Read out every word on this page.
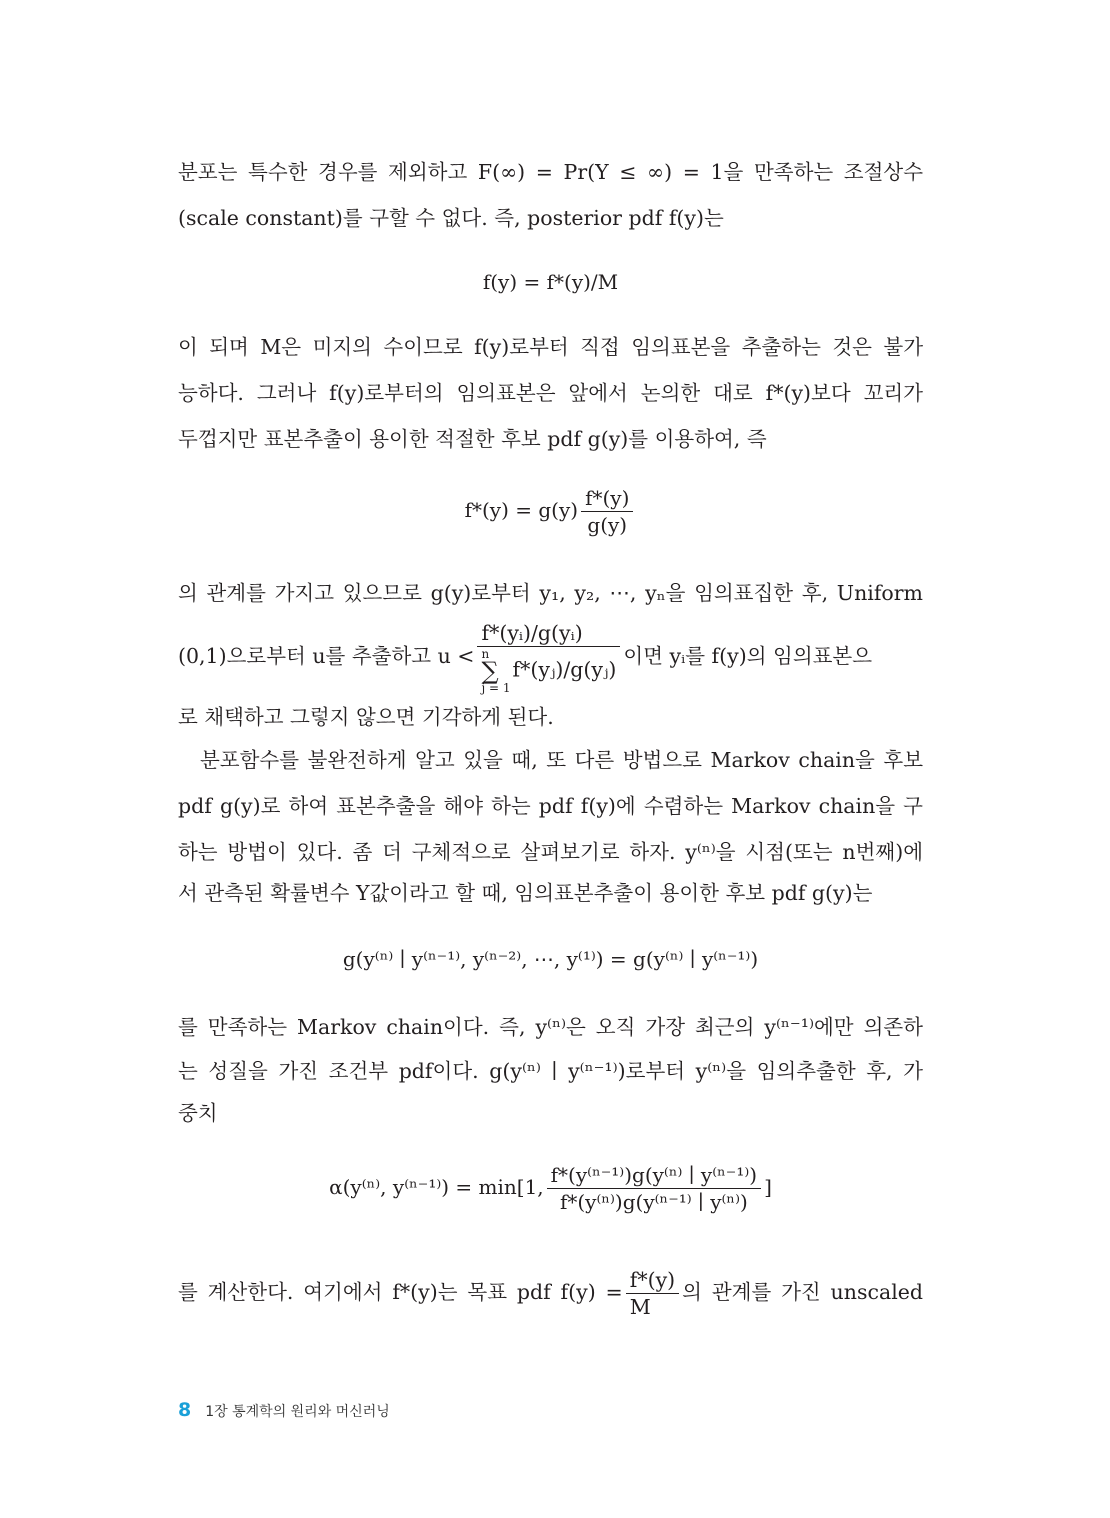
분포는 특수한 경우를 제외하고 F(∞) = Pr(Y ≤ ∞) = 1을 만족하는 조절상수
(scale constant)를 구할 수 없다. 즉, posterior pdf f(y)는
f(y) = f*(y)/M
이 되며 M은 미지의 수이므로 f(y)로부터 직접 임의표본을 추출하는 것은 불가
능하다. 그러나 f(y)로부터의 임의표본은 앞에서 논의한 대로 f*(y)보다 꼬리가
두껍지만 표본추출이 용이한 적절한 후보 pdf g(y)를 이용하여, 즉
$f*(y) = g(y) \frac{f*(y)}{g(y)}$
의 관계를 가지고 있으므로 g(y)로부터 y₁, y₂, ⋯, yₙ을 임의표집한 후, Uniform
(0,1)으로부터 u를 추출하고 u < f*(yᵢ)/g(yᵢ)
n
∑
j = 1f*(yⱼ)/g(yⱼ) 이면 yᵢ를 f(y)의 임의표본으
로 채택하고 그렇지 않으면 기각하게 된다.
분포함수를 불완전하게 알고 있을 때, 또 다른 방법으로 Markov chain을 후보
pdf g(y)로 하여 표본추출을 해야 하는 pdf f(y)에 수렴하는 Markov chain을 구
하는 방법이 있다. 좀 더 구체적으로 살펴보기로 하자. y⁽ⁿ⁾을 시점(또는 n번째)에
서 관측된 확률변수 Y값이라고 할 때, 임의표본추출이 용이한 후보 pdf g(y)는
g(y⁽ⁿ⁾ ∣ y⁽ⁿ⁻¹⁾, y⁽ⁿ⁻²⁾, ⋯, y⁽¹⁾) = g(y⁽ⁿ⁾ ∣ y⁽ⁿ⁻¹⁾)
를 만족하는 Markov chain이다. 즉, y⁽ⁿ⁾은 오직 가장 최근의 y⁽ⁿ⁻¹⁾에만 의존하
는 성질을 가진 조건부 pdf이다. g(y⁽ⁿ⁾ ∣ y⁽ⁿ⁻¹⁾)로부터 y⁽ⁿ⁾을 임의추출한 후, 가
중치
α(y⁽ⁿ⁾, y⁽ⁿ⁻¹⁾) = min[1, $\frac{\text{f*(y⁽ⁿ⁻¹⁾)g(y⁽ⁿ⁾ ∣ y⁽ⁿ⁻¹⁾)}}{\text{f*(y⁽ⁿ⁾)g(y⁽ⁿ⁻¹⁾ ∣ y⁽ⁿ⁾)}}$ ]
를 계산한다. 여기에서 f*(y)는 목표 pdf $f(y) = \frac{f*(y)}{M}$ 의 관계를 가진 unscaled
8 1장 통계학의 원리와 머신러닝
